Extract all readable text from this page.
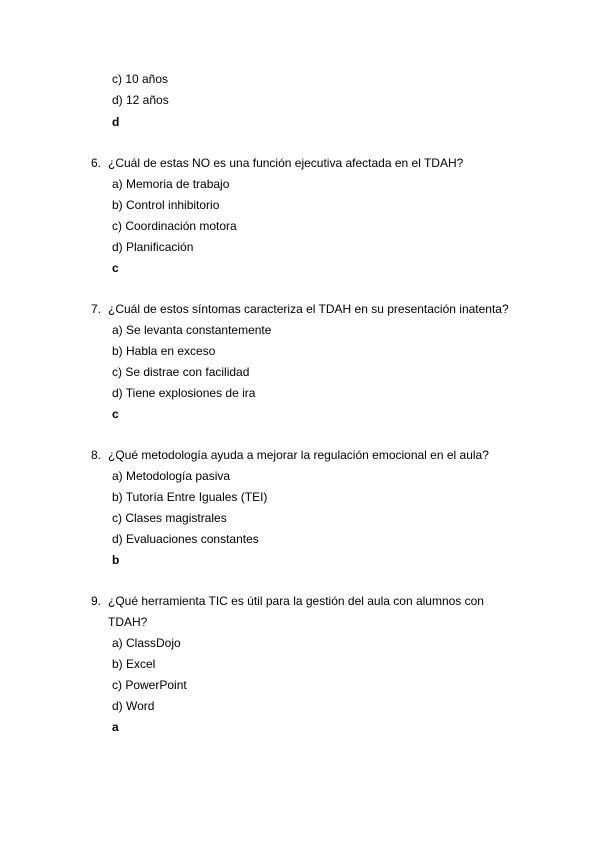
c) 10 años
d) 12 años
d
6. ¿Cuál de estas NO es una función ejecutiva afectada en el TDAH?
a) Memoria de trabajo
b) Control inhibitorio
c) Coordinación motora
d) Planificación
c
7. ¿Cuál de estos síntomas caracteriza el TDAH en su presentación inatenta?
a) Se levanta constantemente
b) Habla en exceso
c) Se distrae con facilidad
d) Tiene explosiones de ira
c
8. ¿Qué metodología ayuda a mejorar la regulación emocional en el aula?
a) Metodología pasiva
b) Tutoría Entre Iguales (TEI)
c) Clases magistrales
d) Evaluaciones constantes
b
9. ¿Qué herramienta TIC es útil para la gestión del aula con alumnos con
TDAH?
a) ClassDojo
b) Excel
c) PowerPoint
d) Word
a
